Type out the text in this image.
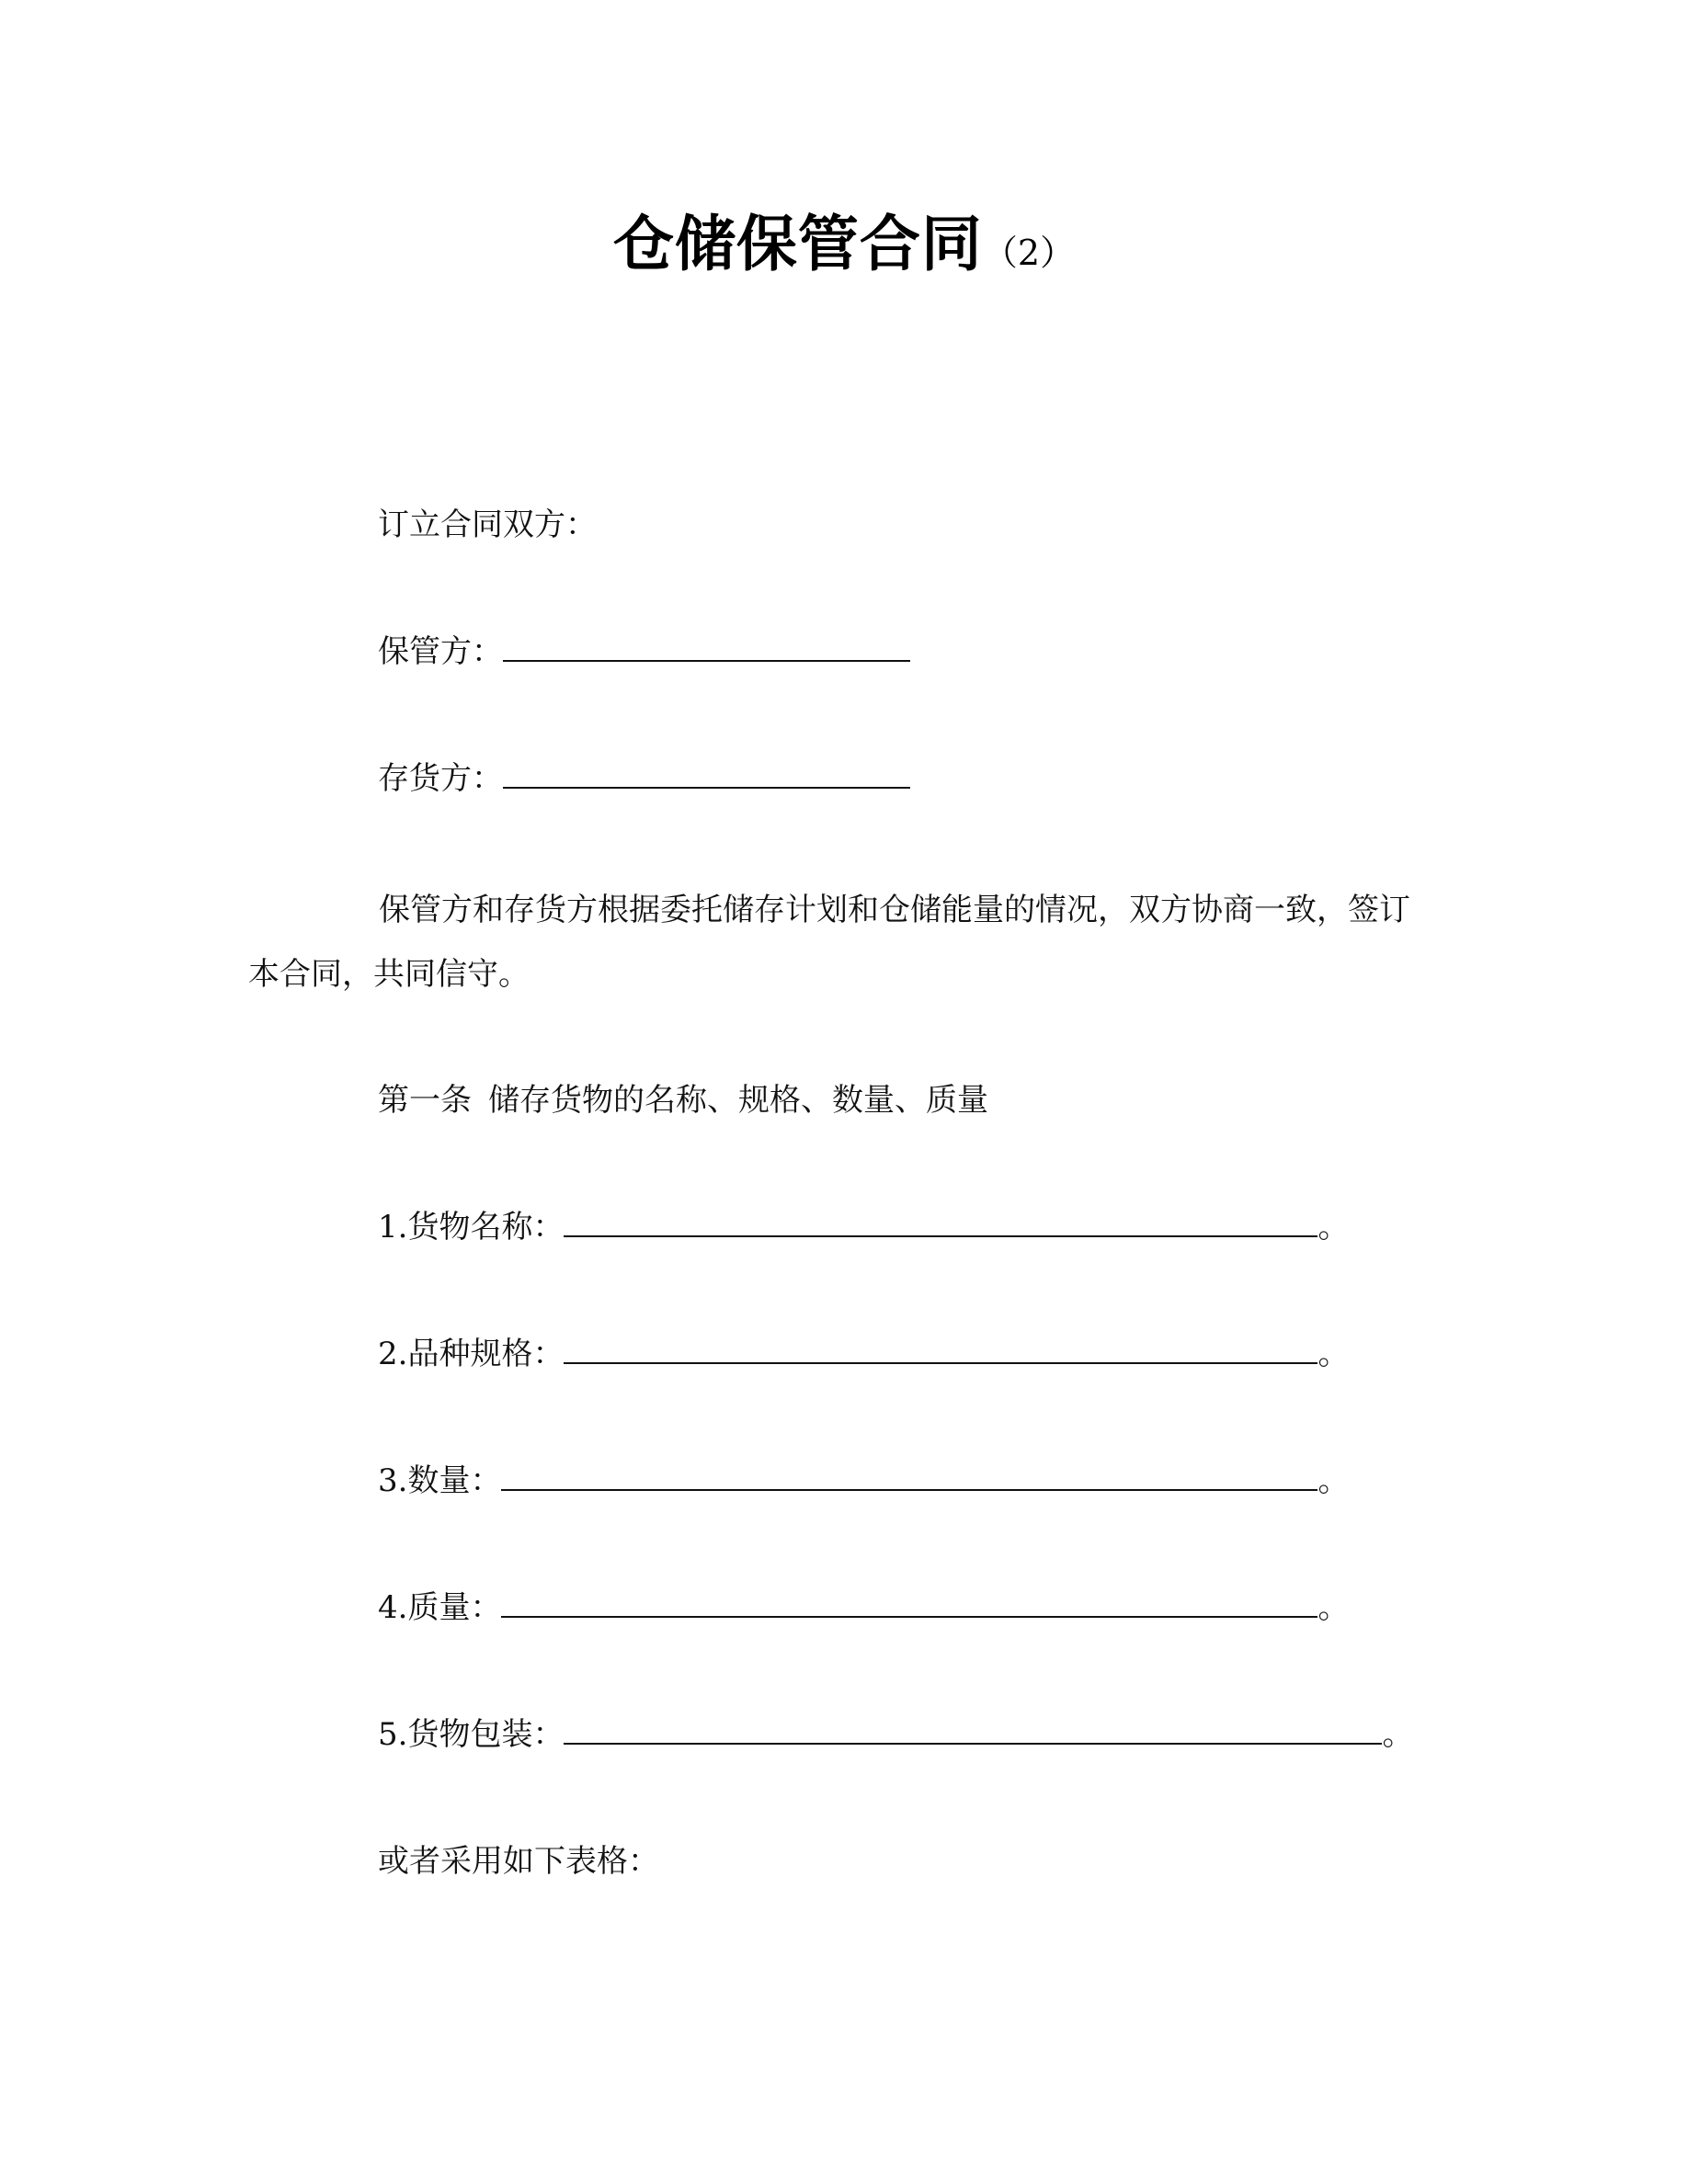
仓储保管合同（2）
订立合同双方：
保管方：
存货方：
保管方和存货方根据委托储存计划和仓储能量的情况，双方协商一致，签订本合同，共同信守。
第一条 储存货物的名称、规格、数量、质量
1.货物名称：	。
2.品种规格：	。
3.数量：	。
4.质量：	。
5.货物包装：	。
或者采用如下表格：
